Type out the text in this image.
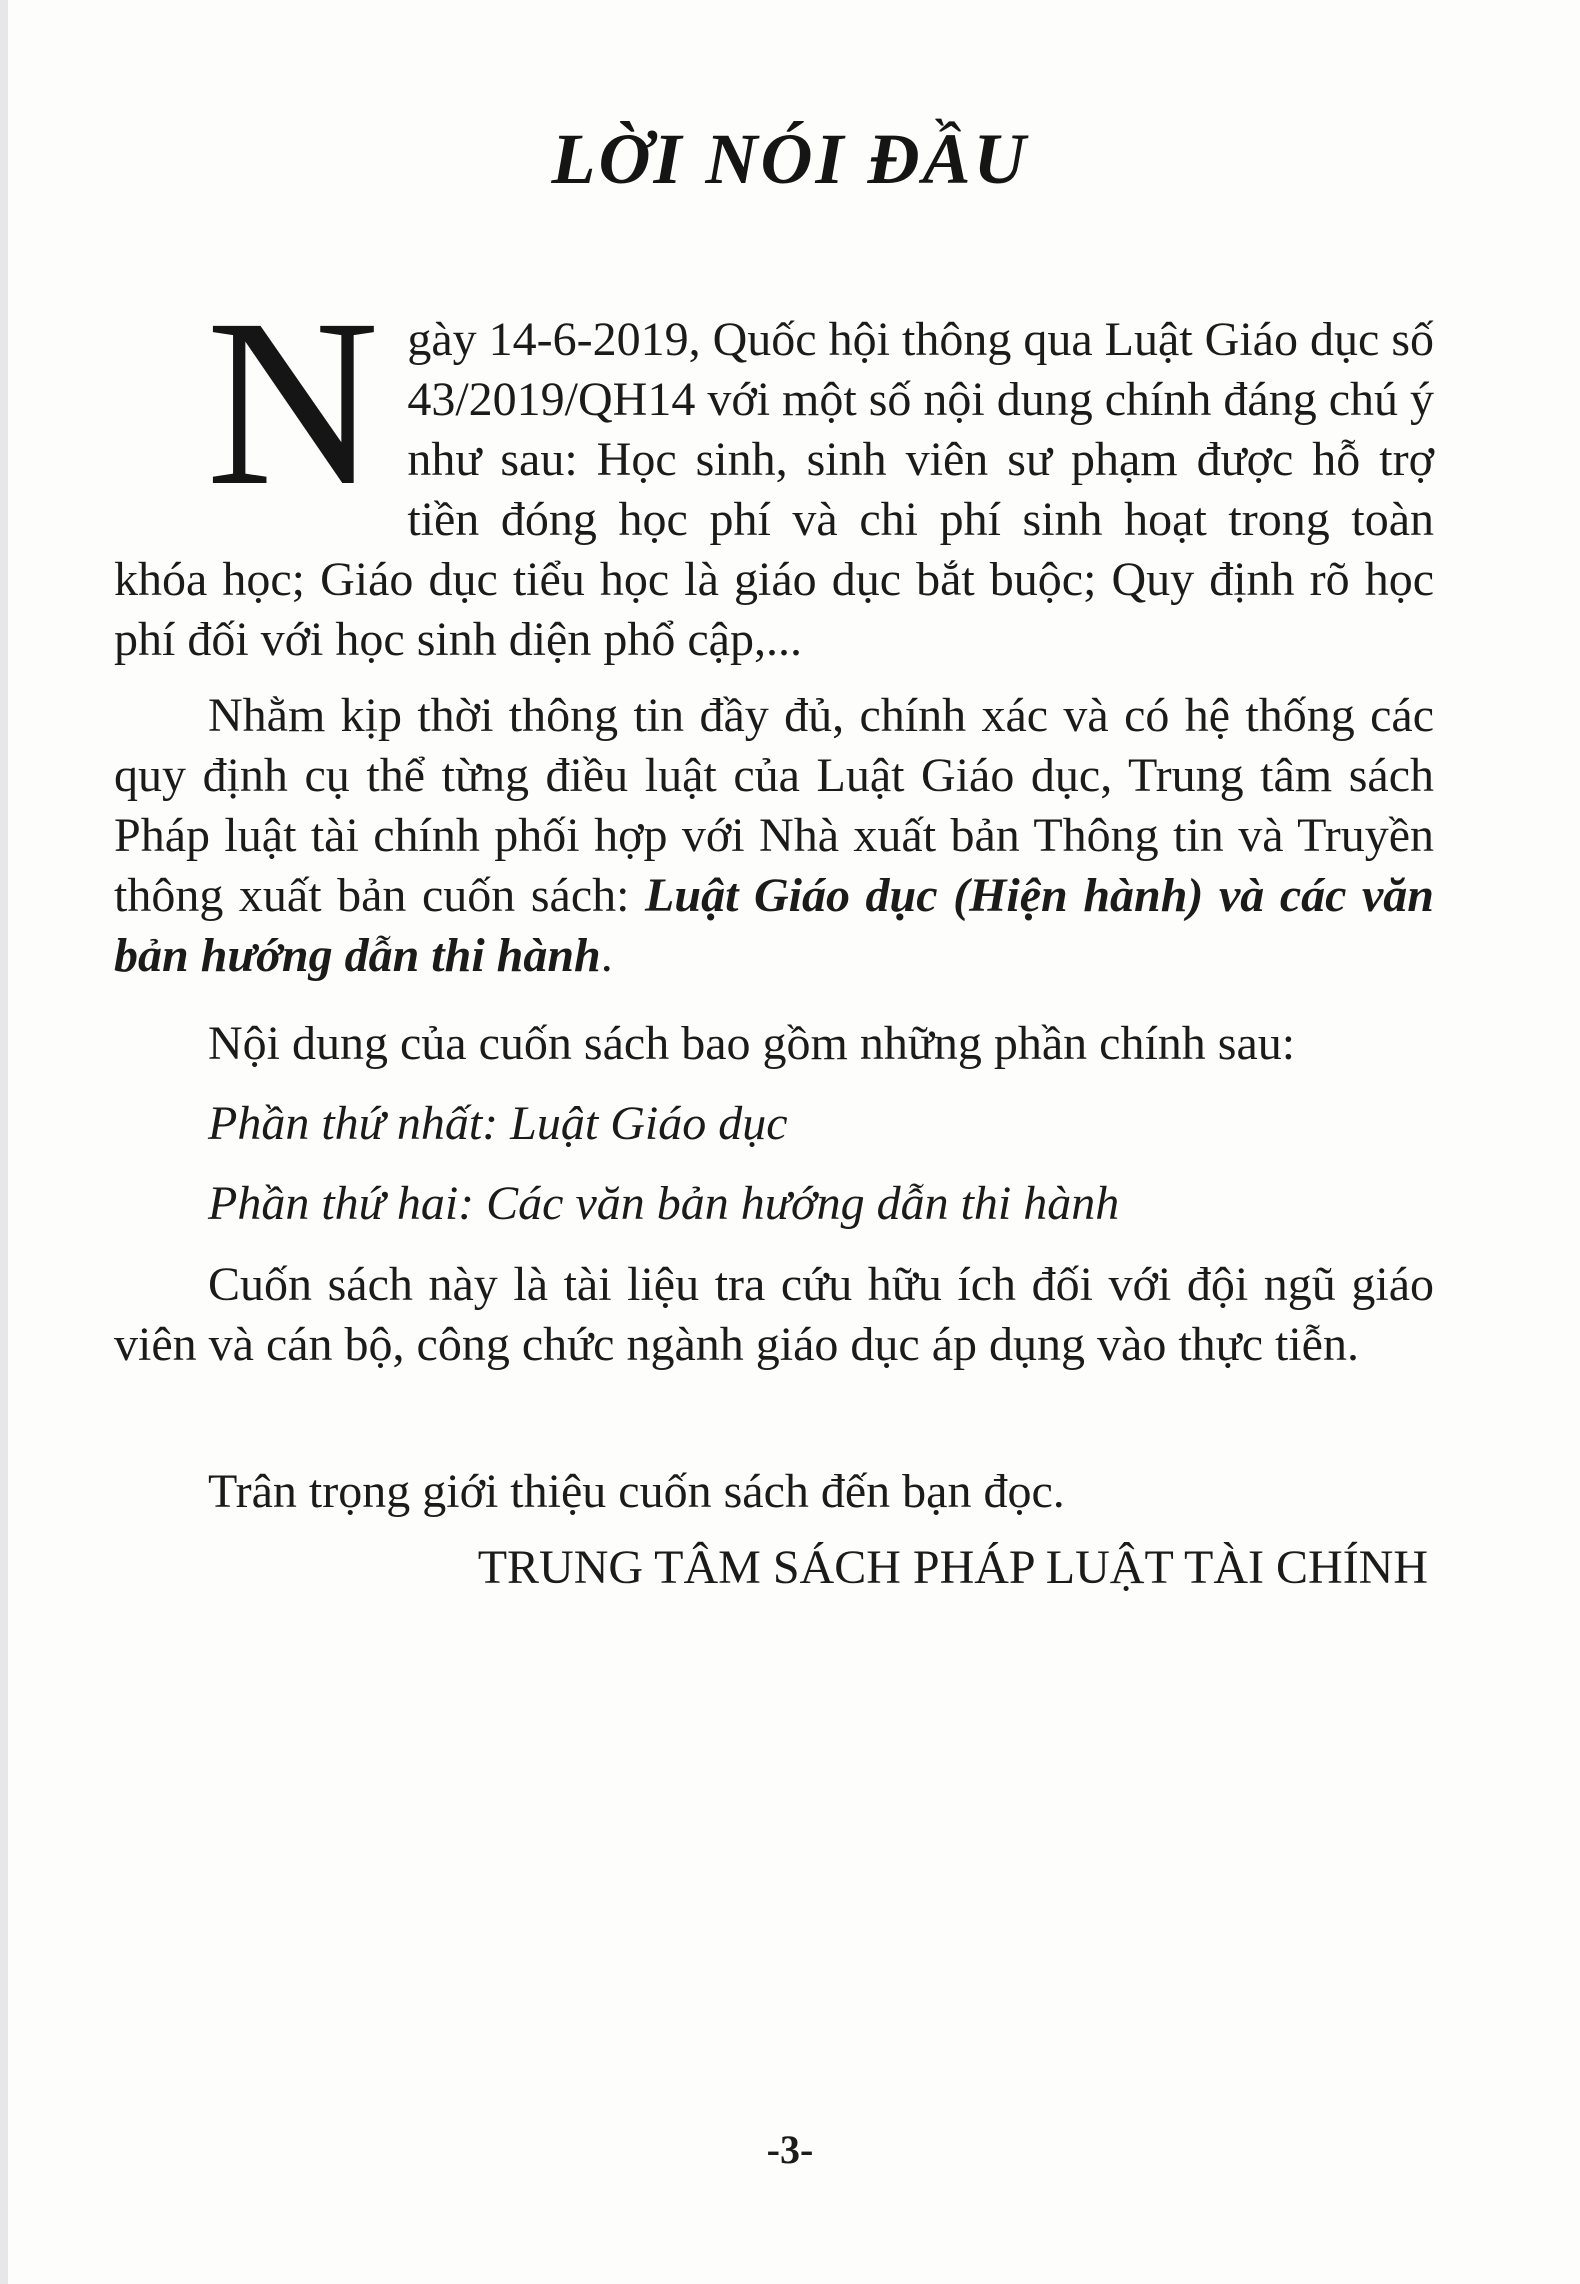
LỜI NÓI ĐẦU
N gày 14-6-2019, Quốc hội thông qua Luật Giáo dục số 43/2019/QH14 với một số nội dung chính đáng chú ý như sau: Học sinh, sinh viên sư phạm được hỗ trợ tiền đóng học phí và chi phí sinh hoạt trong toàn khóa học; Giáo dục tiểu học là giáo dục bắt buộc; Quy định rõ học phí đối với học sinh diện phổ cập,...
Nhằm kịp thời thông tin đầy đủ, chính xác và có hệ thống các quy định cụ thể từng điều luật của Luật Giáo dục, Trung tâm sách Pháp luật tài chính phối hợp với Nhà xuất bản Thông tin và Truyền thông xuất bản cuốn sách: Luật Giáo dục (Hiện hành) và các văn bản hướng dẫn thi hành.
Nội dung của cuốn sách bao gồm những phần chính sau:
Phần thứ nhất: Luật Giáo dục
Phần thứ hai: Các văn bản hướng dẫn thi hành
Cuốn sách này là tài liệu tra cứu hữu ích đối với đội ngũ giáo viên và cán bộ, công chức ngành giáo dục áp dụng vào thực tiễn.
Trân trọng giới thiệu cuốn sách đến bạn đọc.
TRUNG TÂM SÁCH PHÁP LUẬT TÀI CHÍNH
-3-
